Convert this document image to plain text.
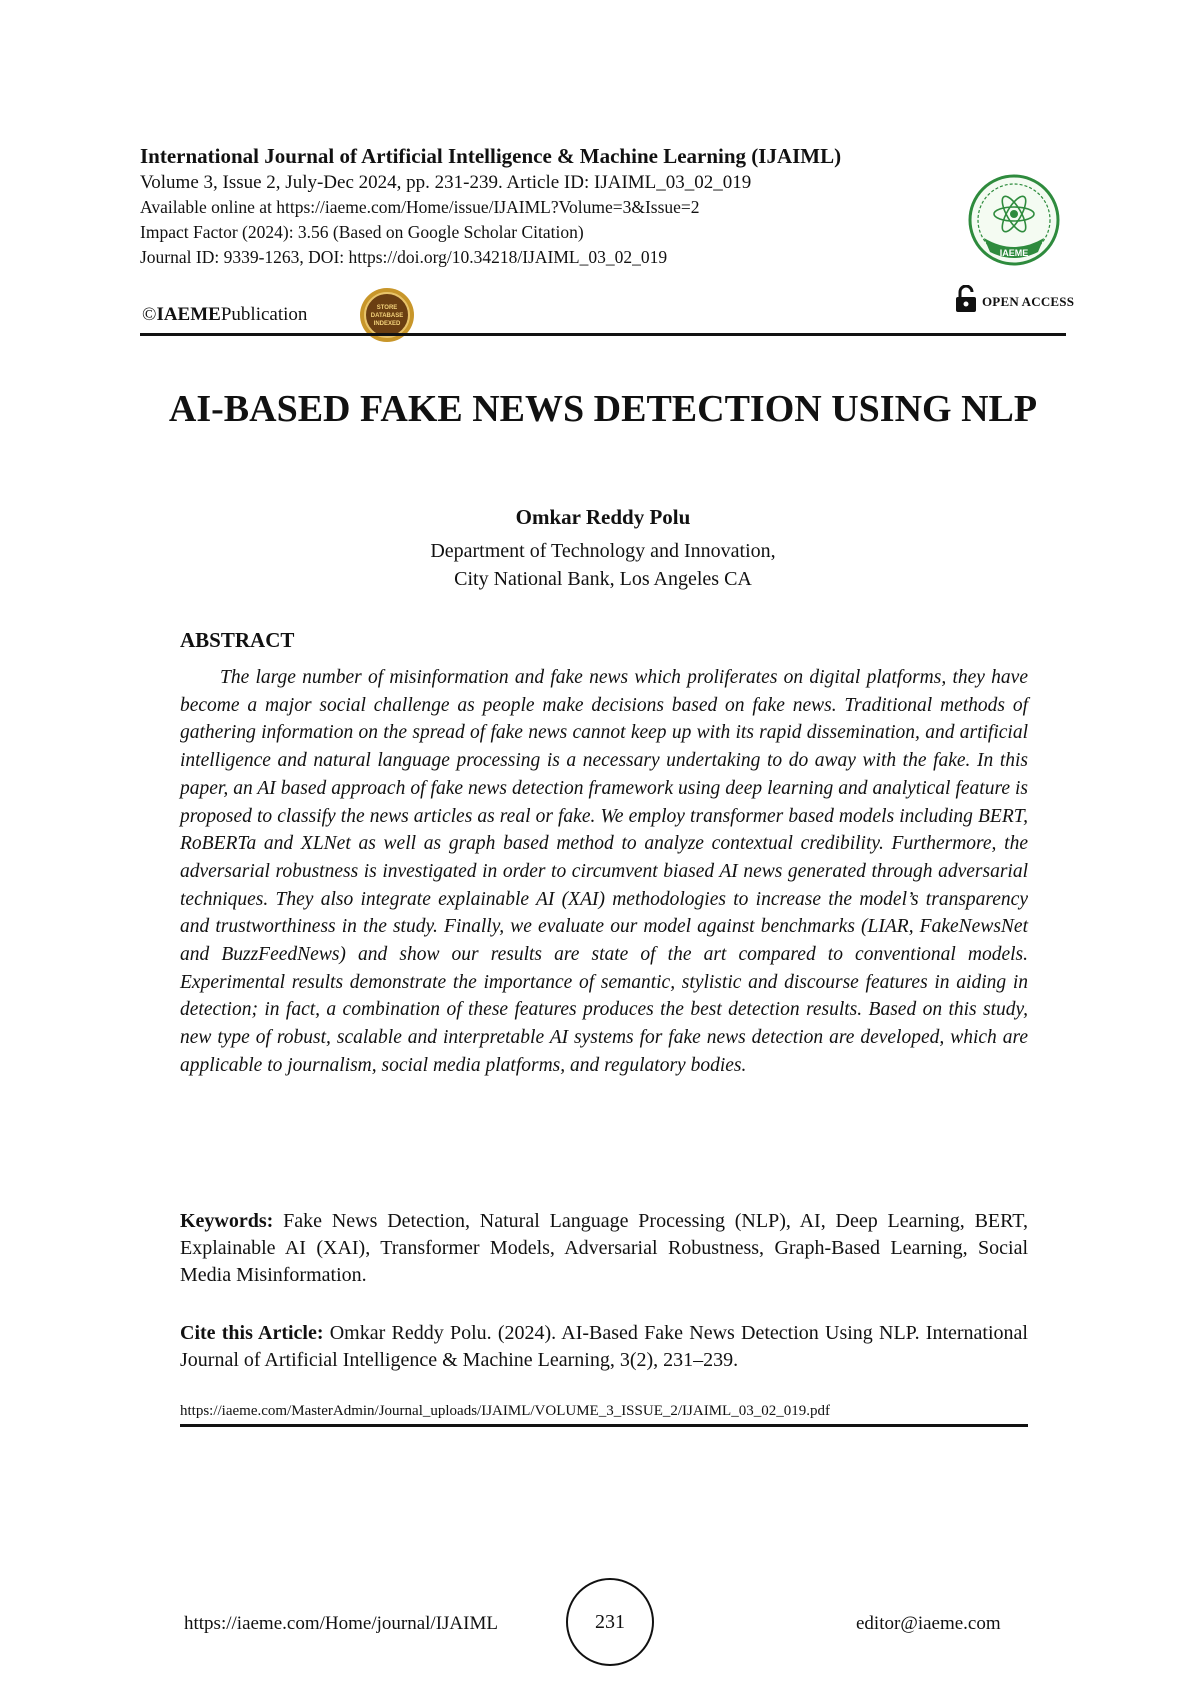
International Journal of Artificial Intelligence & Machine Learning (IJAIML)
Volume 3, Issue 2, July-Dec 2024, pp. 231-239. Article ID: IJAIML_03_02_019
Available online at https://iaeme.com/Home/issue/IJAIML?Volume=3&Issue=2
Impact Factor (2024): 3.56 (Based on Google Scholar Citation)
Journal ID: 9339-1263, DOI: https://doi.org/10.34218/IJAIML_03_02_019	IAEME
OPEN ACCESS
© IAEME Publication	STORE
DATABASE
INDEXED
AI-BASED FAKE NEWS DETECTION USING NLP
Omkar Reddy Polu
Department of Technology and Innovation,
City National Bank, Los Angeles CA
ABSTRACT
The large number of misinformation and fake news which proliferates on digital platforms, they have become a major social challenge as people make decisions based on fake news. Traditional methods of gathering information on the spread of fake news cannot keep up with its rapid dissemination, and artificial intelligence and natural language processing is a necessary undertaking to do away with the fake. In this paper, an AI based approach of fake news detection framework using deep learning and analytical feature is proposed to classify the news articles as real or fake. We employ transformer based models including BERT, RoBERTa and XLNet as well as graph based method to analyze contextual credibility. Furthermore, the adversarial robustness is investigated in order to circumvent biased AI news generated through adversarial techniques. They also integrate explainable AI (XAI) methodologies to increase the model’s transparency and trustworthiness in the study. Finally, we evaluate our model against benchmarks (LIAR, FakeNewsNet and BuzzFeedNews) and show our results are state of the art compared to conventional models. Experimental results demonstrate the importance of semantic, stylistic and discourse features in aiding in detection; in fact, a combination of these features produces the best detection results. Based on this study, new type of robust, scalable and interpretable AI systems for fake news detection are developed, which are applicable to journalism, social media platforms, and regulatory bodies.
Keywords: Fake News Detection, Natural Language Processing (NLP), AI, Deep Learning, BERT, Explainable AI (XAI), Transformer Models, Adversarial Robustness, Graph-Based Learning, Social Media Misinformation.
Cite this Article: Omkar Reddy Polu. (2024). AI-Based Fake News Detection Using NLP. International Journal of Artificial Intelligence & Machine Learning, 3(2), 231–239.
https://iaeme.com/MasterAdmin/Journal_uploads/IJAIML/VOLUME_3_ISSUE_2/IJAIML_03_02_019.pdf
https://iaeme.com/Home/journal/IJAIML	231	editor@iaeme.com
